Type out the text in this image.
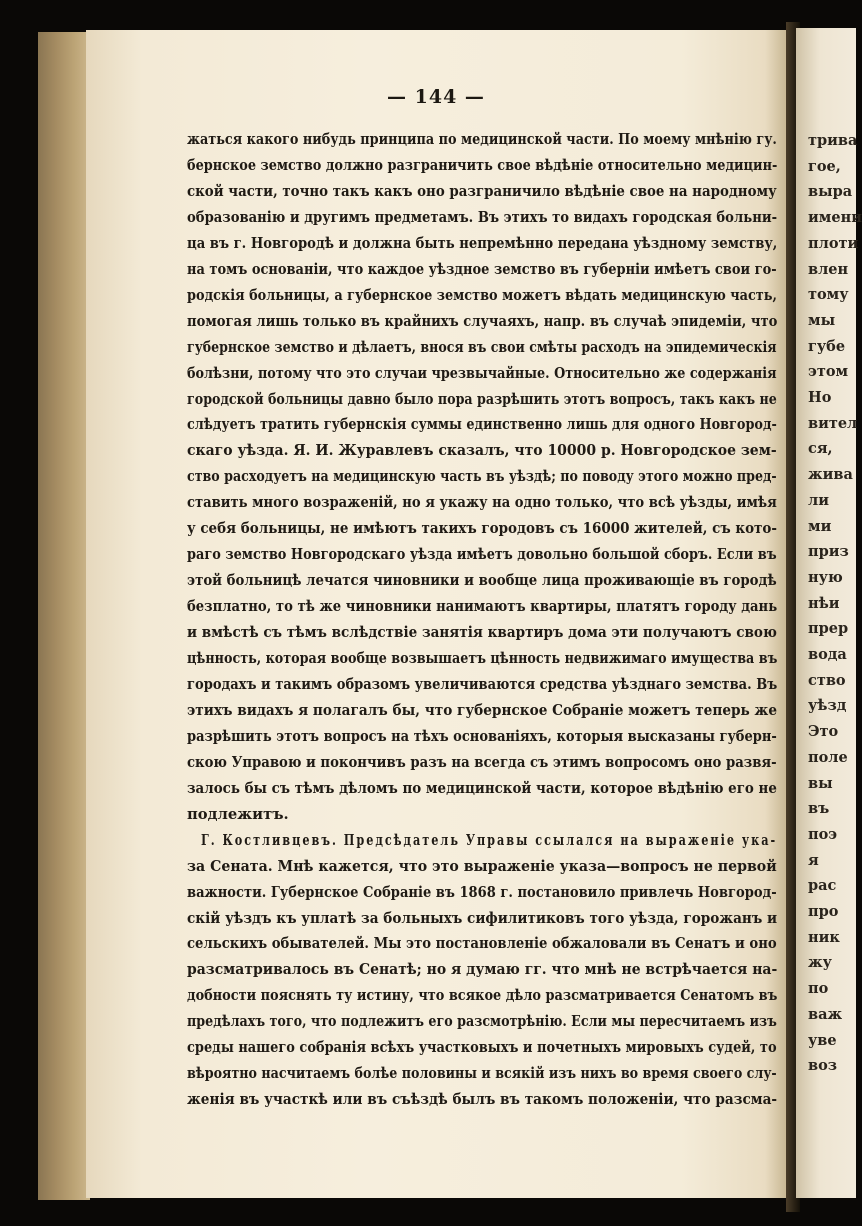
трива
гое,
выра
имени
плоти
влен
тому
мы
губе
этом
Но
вител
ся,
жива
ли
ми
приз
ную
нѣи
прер
вода
ство
уѣзд
Это
поле
вы
въ
поэ
я
рас
про
ник
жу
по
важ
уве
воз

— 144 —

жаться какого нибудь принципа по медицинской части. По моему мнѣнію гу.
бернское земство должно разграничить свое вѣдѣніе относительно медицин-
ской части, точно такъ какъ оно разграничило вѣдѣніе свое на народному
образованію и другимъ предметамъ. Въ этихъ то видахъ городская больни-
ца въ г. Новгородѣ и должна быть непремѣнно передана уѣздному земству,
на томъ основаніи, что каждое уѣздное земство въ губерніи имѣетъ свои го-
родскія больницы, а губернское земство можетъ вѣдать медицинскую часть,
помогая лишь только въ крайнихъ случаяхъ, напр. въ случаѣ эпидеміи, что
губернское земство и дѣлаетъ, внося въ свои смѣты расходъ на эпидемическія
болѣзни, потому что это случаи чрезвычайные. Относительно же содержанія
городской больницы давно было пора разрѣшить этотъ вопросъ, такъ какъ не
слѣдуетъ тратить губернскія суммы единственно лишь для одного Новгород-
скаго уѣзда. Я. И. Журавлевъ сказалъ, что 10000 р. Новгородское зем-
ство расходуетъ на медицинскую часть въ уѣздѣ; по поводу этого можно пред-
ставить много возраженій, но я укажу на одно только, что всѣ уѣзды, имѣя
у себя больницы, не имѣютъ такихъ городовъ съ 16000 жителей, съ кото-
раго земство Новгородскаго уѣзда имѣетъ довольно большой сборъ. Если въ
этой больницѣ лечатся чиновники и вообще лица проживающіе въ городѣ
безплатно, то тѣ же чиновники нанимаютъ квартиры, платятъ городу дань
и вмѣстѣ съ тѣмъ вслѣдствіе занятія квартиръ дома эти получаютъ свою
цѣнность, которая вообще возвышаетъ цѣнность недвижимаго имущества въ
городахъ и такимъ образомъ увеличиваются средства уѣзднаго земства. Въ
этихъ видахъ я полагалъ бы, что губернское Собраніе можетъ теперь же
разрѣшить этотъ вопросъ на тѣхъ основаніяхъ, которыя высказаны губерн-
скою Управою и покончивъ разъ на всегда съ этимъ вопросомъ оно развя-
залось бы съ тѣмъ дѣломъ по медицинской части, которое вѣдѣнію его не
подлежитъ.
Г. Костливцевъ. Предсѣдатель Управы ссылался на выраженіе ука-
за Сената. Мнѣ кажется, что это выраженіе указа—вопросъ не первой
важности. Губернское Собраніе въ 1868 г. постановило привлечь Новгород-
скій уѣздъ къ уплатѣ за больныхъ сифилитиковъ того уѣзда, горожанъ и
сельскихъ обывателей. Мы это постановленіе обжаловали въ Сенатъ и оно
разсматривалось въ Сенатѣ; но я думаю гг. что мнѣ не встрѣчается на-
добности пояснять ту истину, что всякое дѣло разсматривается Сенатомъ въ
предѣлахъ того, что подлежитъ его разсмотрѣнію. Если мы пересчитаемъ изъ
среды нашего собранія всѣхъ участковыхъ и почетныхъ мировыхъ судей, то
вѣроятно насчитаемъ болѣе половины и всякій изъ нихъ во время своего слу-
женія въ участкѣ или въ съѣздѣ былъ въ такомъ положеніи, что разсма-
